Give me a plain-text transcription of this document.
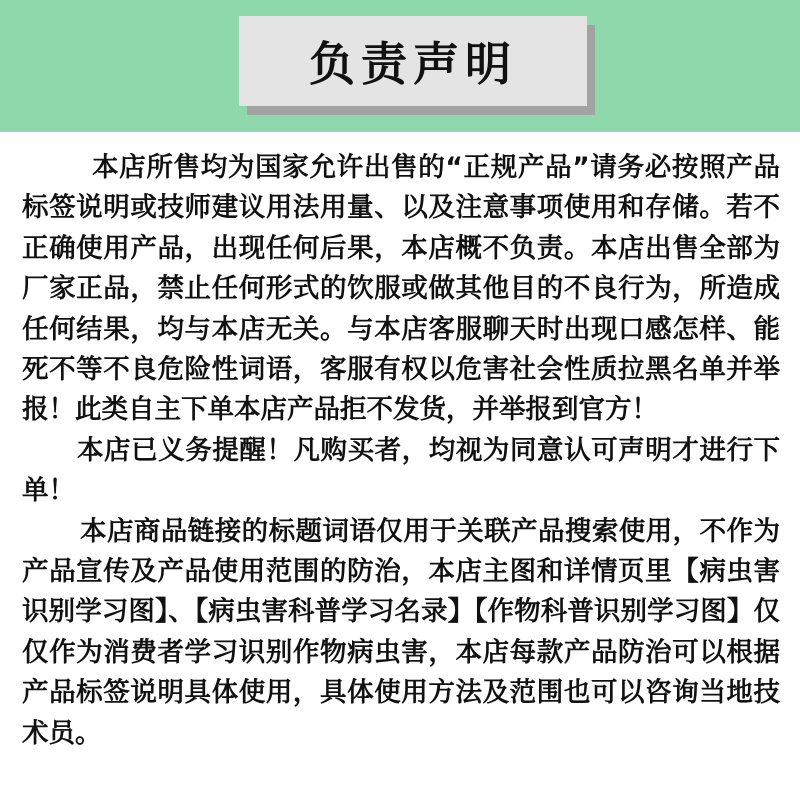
负责声明

本店所售均为国家允许出售的“正规产品”请务必按照产品标签说明或技师建议用法用量、以及注意事项使用和存储。若不正确使用产品，出现任何后果，本店概不负责。本店出售全部为厂家正品，禁止任何形式的饮服或做其他目的不良行为，所造成任何结果，均与本店无关。与本店客服聊天时出现口感怎样、能死不等不良危险性词语，客服有权以危害社会性质拉黑名单并举报！此类自主下单本店产品拒不发货，并举报到官方！

本店已义务提醒！凡购买者，均视为同意认可声明才进行下单！

本店商品链接的标题词语仅用于关联产品搜索使用，不作为产品宣传及产品使用范围的防治，本店主图和详情页里【病虫害识别学习图】、【病虫害科普学习名录】【作物科普识别学习图】仅仅作为消费者学习识别作物病虫害，本店每款产品防治可以根据产品标签说明具体使用，具体使用方法及范围也可以咨询当地技术员。
